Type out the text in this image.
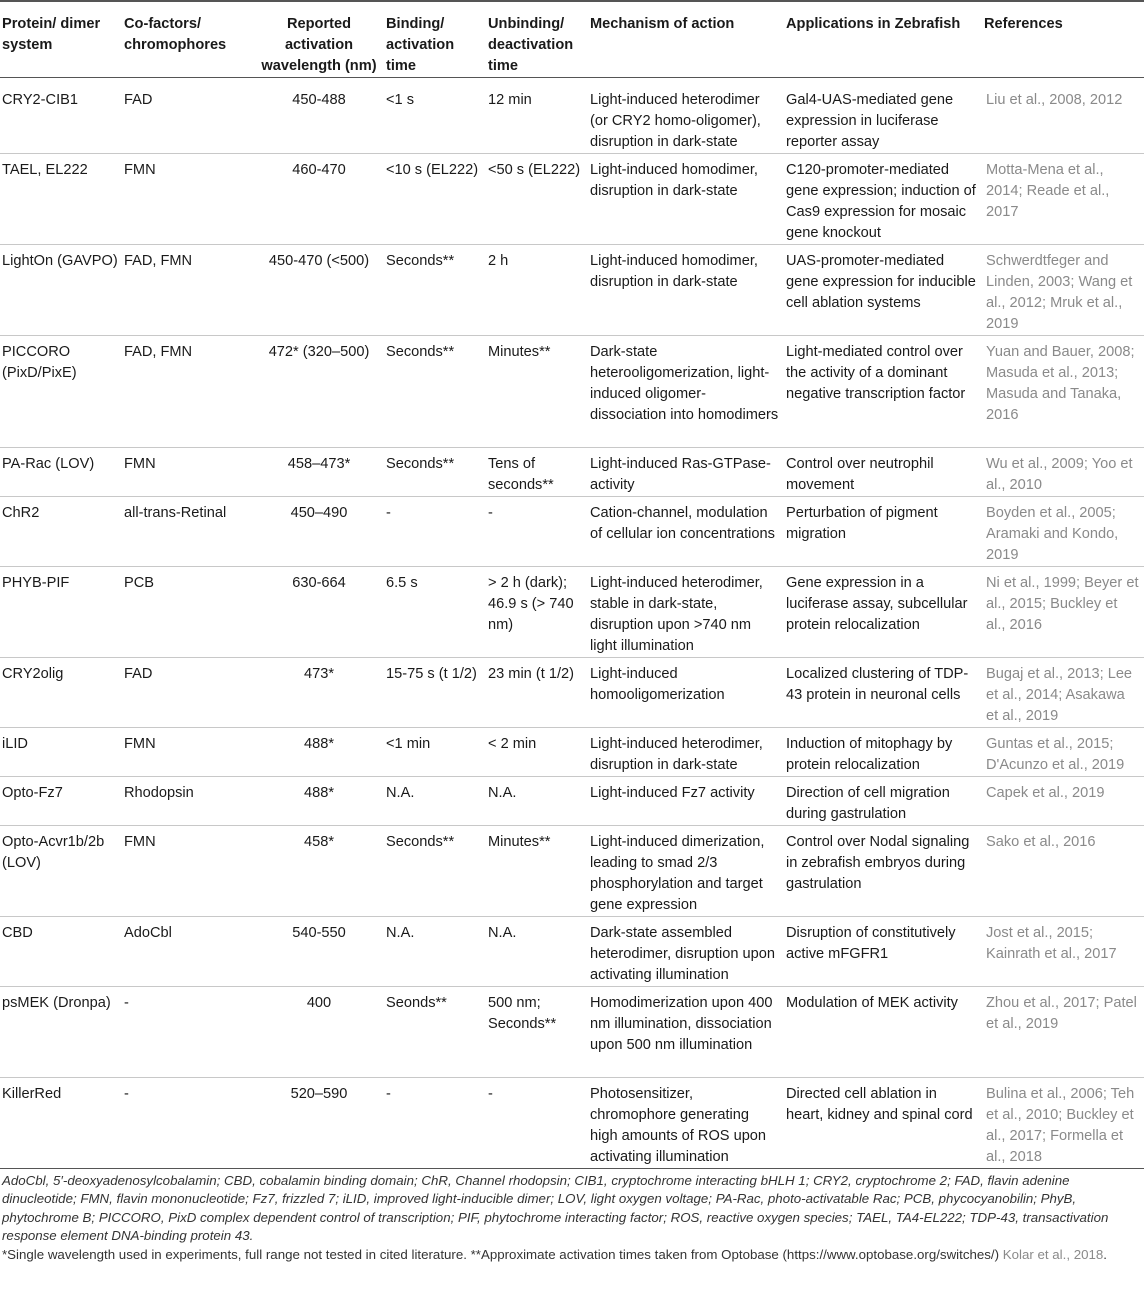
Protein/ dimer system	Co-factors/ chromophores	Reported activation wavelength (nm)	Binding/ activation time	Unbinding/ deactivation time	Mechanism of action	Applications in Zebrafish	References
CRY2-CIB1	FAD	450-488	<1 s	12 min	Light-induced heterodimer (or CRY2 homo-oligomer), disruption in dark-state	Gal4-UAS-mediated gene expression in luciferase reporter assay	Liu et al., 2008, 2012
TAEL, EL222	FMN	460-470	<10 s (EL222)	<50 s (EL222)	Light-induced homodimer, disruption in dark-state	C120-promoter-mediated gene expression; induction of Cas9 expression for mosaic gene knockout	Motta-Mena et al., 2014; Reade et al., 2017
LightOn (GAVPO)	FAD, FMN	450-470 (<500)	Seconds**	2 h	Light-induced homodimer, disruption in dark-state	UAS-promoter-mediated gene expression for inducible cell ablation systems	Schwerdtfeger and Linden, 2003; Wang et al., 2012; Mruk et al., 2019
PICCORO (PixD/PixE)	FAD, FMN	472* (320–500)	Seconds**	Minutes**	Dark-state heterooligomerization, light-induced oligomer-dissociation into homodimers	Light-mediated control over the activity of a dominant negative transcription factor	Yuan and Bauer, 2008; Masuda et al., 2013; Masuda and Tanaka, 2016
PA-Rac (LOV)	FMN	458–473*	Seconds**	Tens of seconds**	Light-induced Ras-GTPase-activity	Control over neutrophil movement	Wu et al., 2009; Yoo et al., 2010
ChR2	all-trans-Retinal	450–490	-	-	Cation-channel, modulation of cellular ion concentrations	Perturbation of pigment migration	Boyden et al., 2005; Aramaki and Kondo, 2019
PHYB-PIF	PCB	630-664	6.5 s	> 2 h (dark); 46.9 s (> 740 nm)	Light-induced heterodimer, stable in dark-state, disruption upon >740 nm light illumination	Gene expression in a luciferase assay, subcellular protein relocalization	Ni et al., 1999; Beyer et al., 2015; Buckley et al., 2016
CRY2olig	FAD	473*	15-75 s (t 1/2)	23 min (t 1/2)	Light-induced homooligomerization	Localized clustering of TDP-43 protein in neuronal cells	Bugaj et al., 2013; Lee et al., 2014; Asakawa et al., 2019
iLID	FMN	488*	<1 min	< 2 min	Light-induced heterodimer, disruption in dark-state	Induction of mitophagy by protein relocalization	Guntas et al., 2015; D'Acunzo et al., 2019
Opto-Fz7	Rhodopsin	488*	N.A.	N.A.	Light-induced Fz7 activity	Direction of cell migration during gastrulation	Capek et al., 2019
Opto-Acvr1b/2b (LOV)	FMN	458*	Seconds**	Minutes**	Light-induced dimerization, leading to smad 2/3 phosphorylation and target gene expression	Control over Nodal signaling in zebrafish embryos during gastrulation	Sako et al., 2016
CBD	AdoCbl	540-550	N.A.	N.A.	Dark-state assembled heterodimer, disruption upon activating illumination	Disruption of constitutively active mFGFR1	Jost et al., 2015; Kainrath et al., 2017
psMEK (Dronpa)	-	400	Seonds**	500 nm; Seconds**	Homodimerization upon 400 nm illumination, dissociation upon 500 nm illumination	Modulation of MEK activity	Zhou et al., 2017; Patel et al., 2019
KillerRed	-	520–590	-	-	Photosensitizer, chromophore generating high amounts of ROS upon activating illumination	Directed cell ablation in heart, kidney and spinal cord	Bulina et al., 2006; Teh et al., 2010; Buckley et al., 2017; Formella et al., 2018

AdoCbl, 5′-deoxyadenosylcobalamin; CBD, cobalamin binding domain; ChR, Channel rhodopsin; CIB1, cryptochrome interacting bHLH 1; CRY2, cryptochrome 2; FAD, flavin adenine dinucleotide; FMN, flavin mononucleotide; Fz7, frizzled 7; iLID, improved light-inducible dimer; LOV, light oxygen voltage; PA-Rac, photo-activatable Rac; PCB, phycocyanobilin; PhyB, phytochrome B; PICCORO, PixD complex dependent control of transcription; PIF, phytochrome interacting factor; ROS, reactive oxygen species; TAEL, TA4-EL222; TDP-43, transactivation response element DNA-binding protein 43.

*Single wavelength used in experiments, full range not tested in cited literature. **Approximate activation times taken from Optobase (https://www.optobase.org/switches/) Kolar et al., 2018.
